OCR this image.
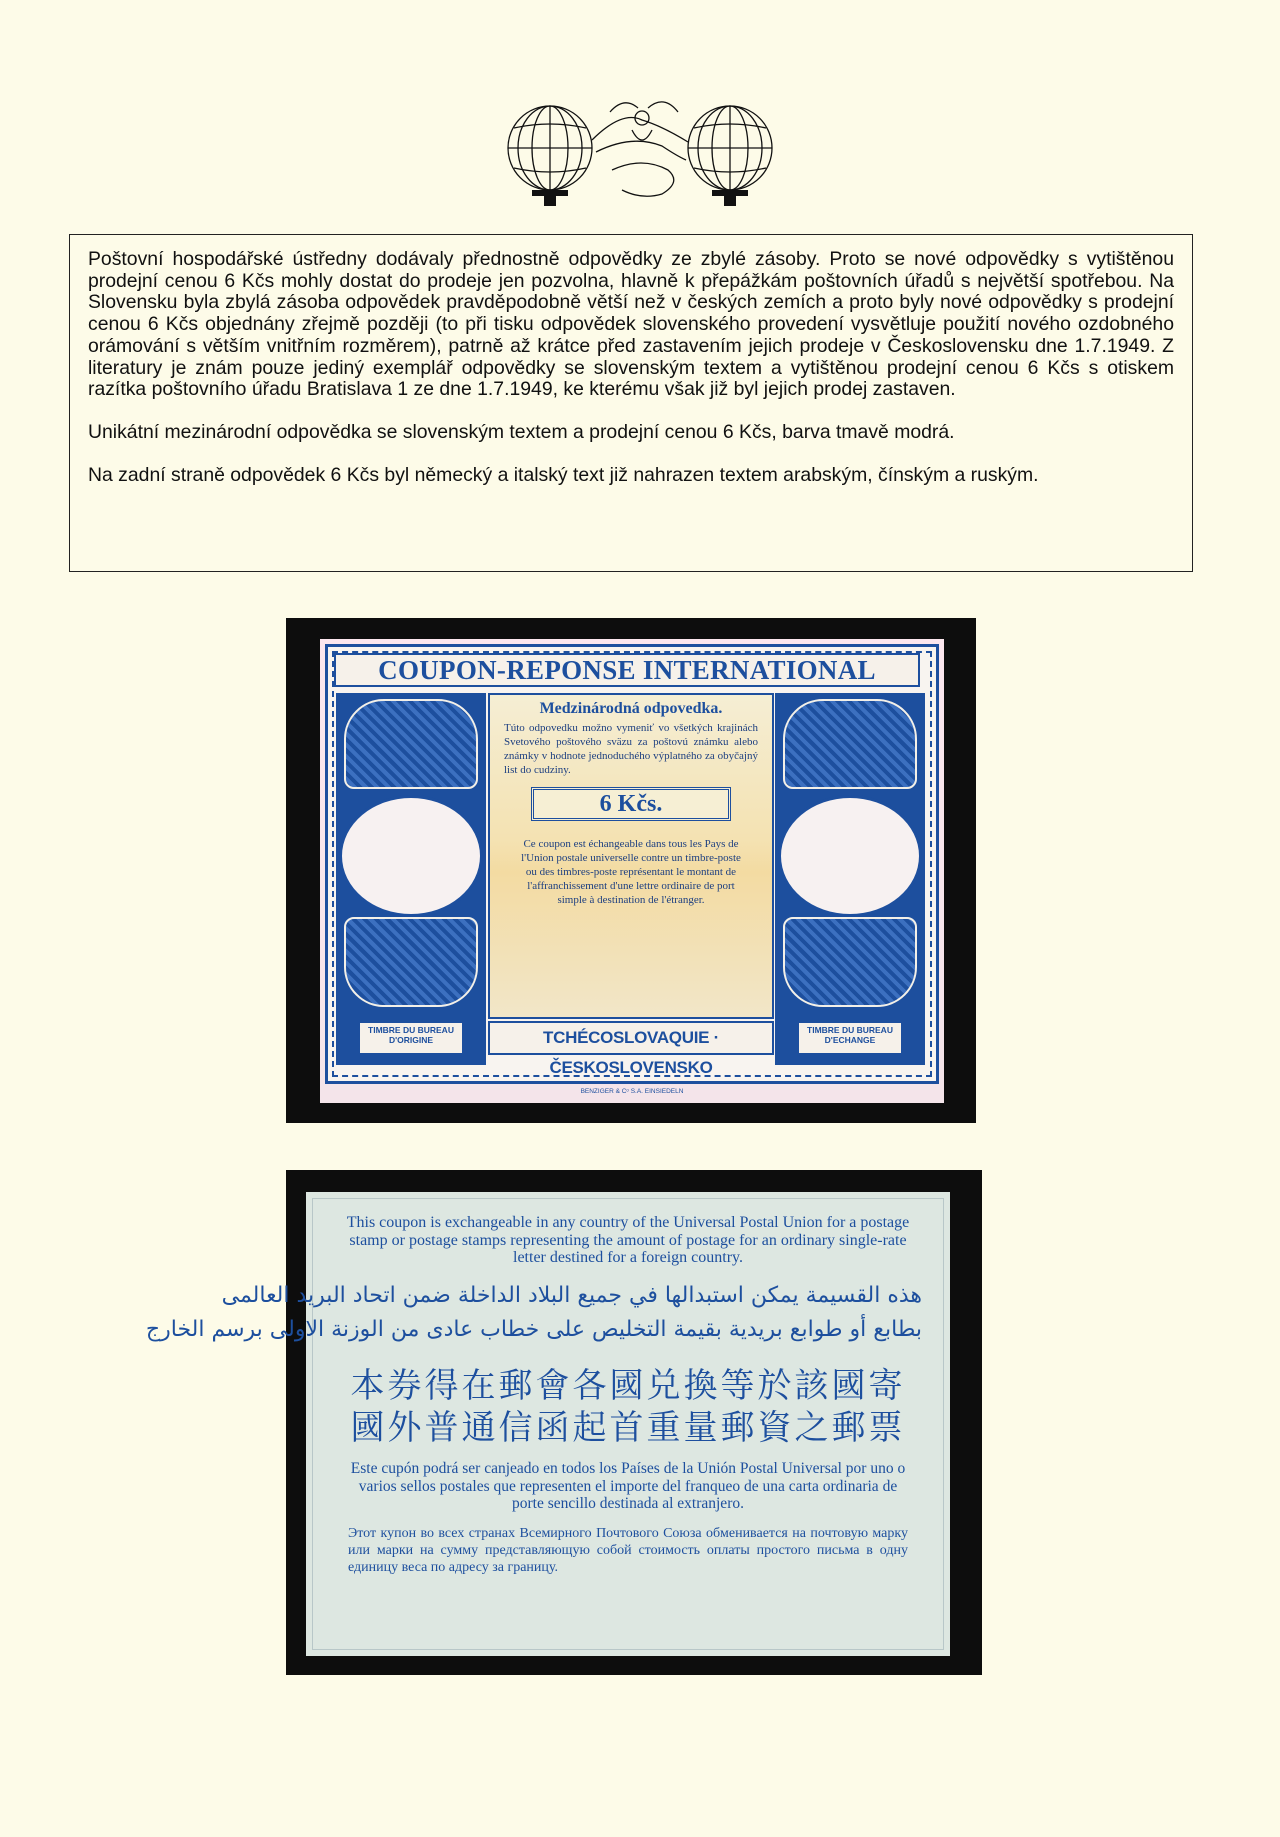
Poštovní hospodářské ústředny dodávaly přednostně odpovědky ze zbylé zásoby. Proto se nové odpovědky s vytištěnou prodejní cenou 6 Kčs mohly dostat do prodeje jen pozvolna, hlavně k přepážkám poštovních úřadů s největší spotřebou. Na Slovensku byla zbylá zásoba odpovědek pravděpodobně větší než v českých zemích a proto byly nové odpovědky s prodejní cenou 6 Kčs objednány zřejmě později (to při tisku odpovědek slovenského provedení vysvětluje použití nového ozdobného orámování s větším vnitřním rozměrem), patrně až krátce před zastavením jejich prodeje v Československu dne 1.7.1949. Z literatury je znám pouze jediný exemplář odpovědky se slovenským textem a vytištěnou prodejní cenou 6 Kčs s otiskem razítka poštovního úřadu Bratislava 1 ze dne 1.7.1949, ke kterému však již byl jejich prodej zastaven.

Unikátní mezinárodní odpovědka se slovenským textem a prodejní cenou 6 Kčs, barva tmavě modrá.

Na zadní straně odpovědek 6 Kčs byl německý a italský text již nahrazen textem arabským, čínským a ruským.

COUPON-REPONSE INTERNATIONAL
TIMBRE DU BUREAU D'ORIGINE
Medzinárodná odpovedka.
Túto odpovedku možno vymeniť vo všetkých krajinách Svetového poštového sväzu za poštovú známku alebo známky v hodnote jednoduchého výplatného za obyčajný list do cudziny.
6 Kčs.
Ce coupon est échangeable dans tous les Pays de l'Union postale universelle contre un timbre-poste ou des timbres-poste représentant le montant de l'affranchissement d'une lettre ordinaire de port simple à destination de l'étranger.
TIMBRE DU BUREAU D'ECHANGE
TCHÉCOSLOVAQUIE · ČESKOSLOVENSKO
BENZIGER & Cᵒ S.A. EINSIEDELN
This coupon is exchangeable in any country of the Universal Postal Union for a postage stamp or postage stamps representing the amount of postage for an ordinary single-rate letter destined for a foreign country.
هذه القسيمة يمكن استبدالها في جميع البلاد الداخلة ضمن اتحاد البريد العالمى
بطابع أو طوابع بريدية بقيمة التخليص على خطاب عادى من الوزنة الاولى برسم الخارج
本券得在郵會各國兑換等於該國寄
國外普通信函起首重量郵資之郵票
Este cupón podrá ser canjeado en todos los Países de la Unión Postal Universal por uno o varios sellos postales que representen el importe del franqueo de una carta ordinaria de porte sencillo destinada al extranjero.
Этот купон во всех странах Всемирного Почтового Союза обменивается на почтовую марку или марки на сумму представляющую собой стоимость оплаты простого письма в одну единицу веса по адресу за границу.
